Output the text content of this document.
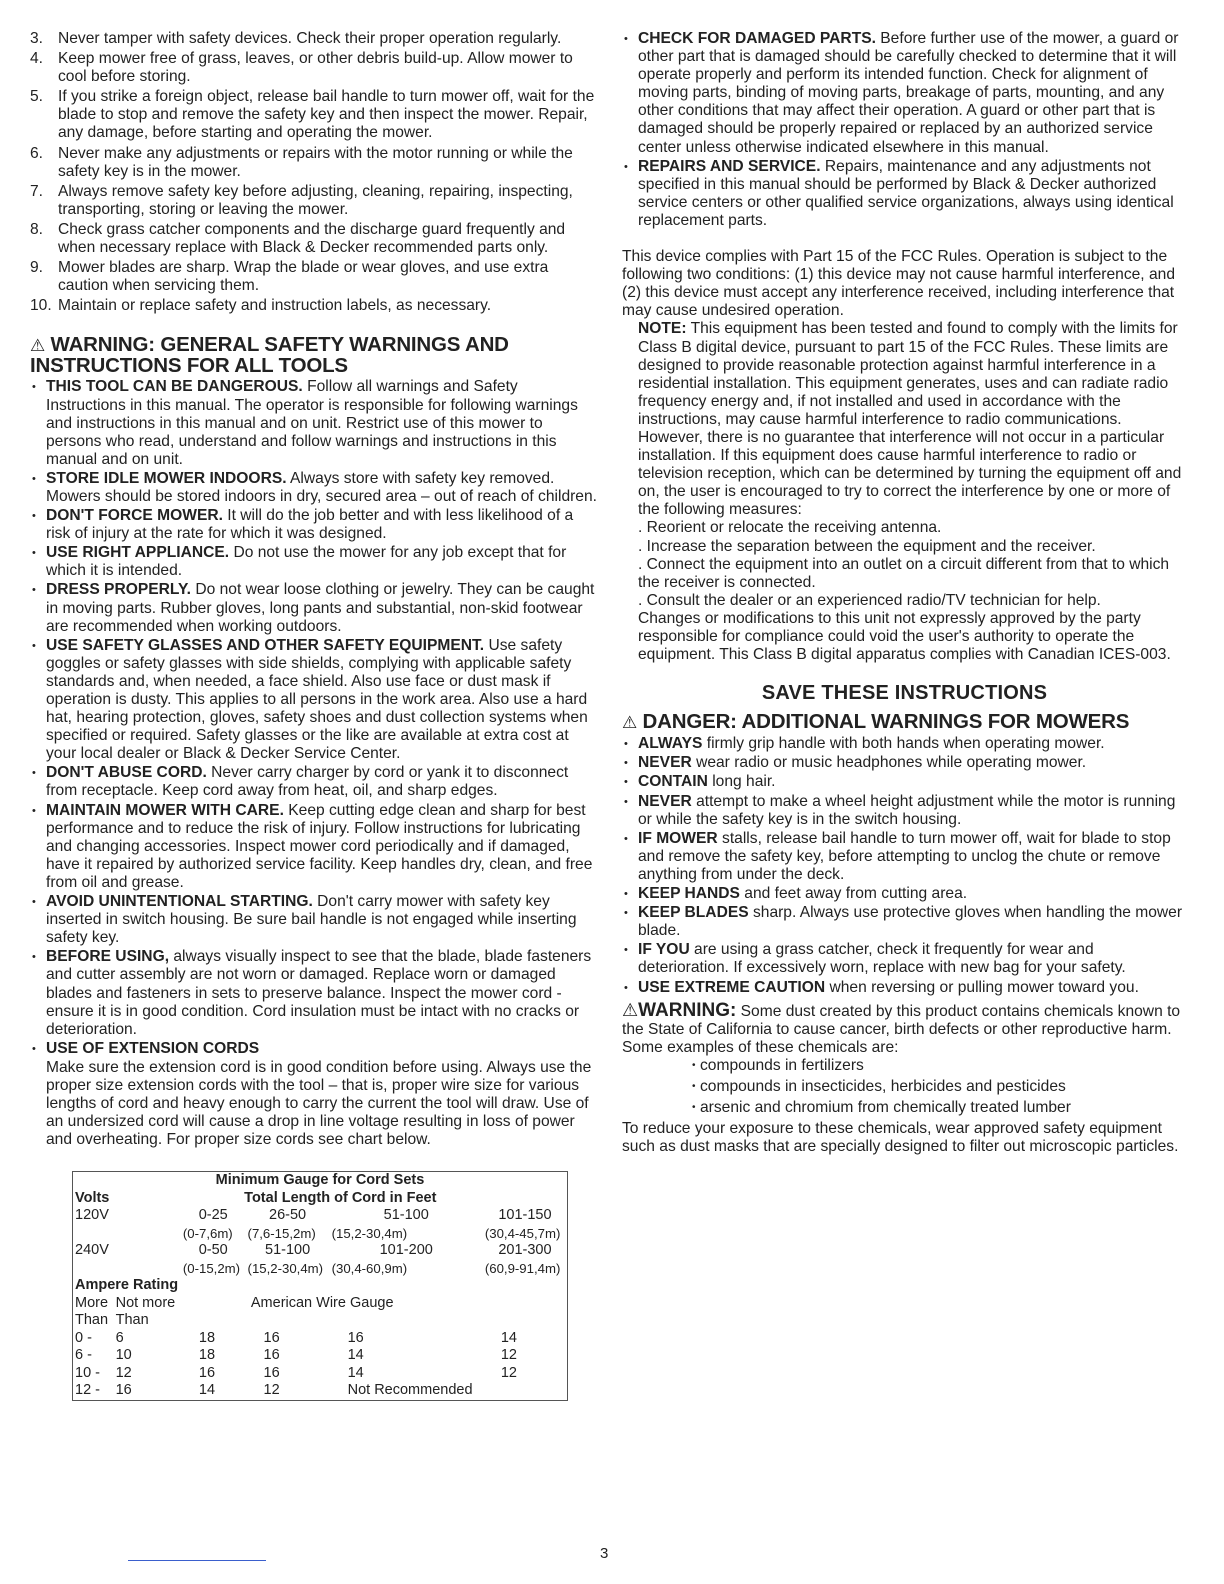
3. Never tamper with safety devices. Check their proper operation regularly.
4. Keep mower free of grass, leaves, or other debris build-up. Allow mower to cool before storing.
5. If you strike a foreign object, release bail handle to turn mower off, wait for the blade to stop and remove the safety key and then inspect the mower. Repair, any damage, before starting and operating the mower.
6. Never make any adjustments or repairs with the motor running or while the safety key is in the mower.
7. Always remove safety key before adjusting, cleaning, repairing, inspecting, transporting, storing or leaving the mower.
8. Check grass catcher components and the discharge guard frequently and when necessary replace with Black & Decker recommended parts only.
9. Mower blades are sharp. Wrap the blade or wear gloves, and use extra caution when servicing them.
10. Maintain or replace safety and instruction labels, as necessary.
⚠ WARNING: GENERAL SAFETY WARNINGS AND INSTRUCTIONS FOR ALL TOOLS
• THIS TOOL CAN BE DANGEROUS. Follow all warnings and Safety Instructions in this manual. The operator is responsible for following warnings and instructions in this manual and on unit. Restrict use of this mower to persons who read, understand and follow warnings and instructions in this manual and on unit.
• STORE IDLE MOWER INDOORS. Always store with safety key removed. Mowers should be stored indoors in dry, secured area – out of reach of children.
• DON'T FORCE MOWER. It will do the job better and with less likelihood of a risk of injury at the rate for which it was designed.
• USE RIGHT APPLIANCE. Do not use the mower for any job except that for which it is intended.
• DRESS PROPERLY. Do not wear loose clothing or jewelry. They can be caught in moving parts. Rubber gloves, long pants and substantial, non-skid footwear are recommended when working outdoors.
• USE SAFETY GLASSES AND OTHER SAFETY EQUIPMENT. Use safety goggles or safety glasses with side shields, complying with applicable safety standards and, when needed, a face shield. Also use face or dust mask if operation is dusty. This applies to all persons in the work area. Also use a hard hat, hearing protection, gloves, safety shoes and dust collection systems when specified or required. Safety glasses or the like are available at extra cost at your local dealer or Black & Decker Service Center.
• DON'T ABUSE CORD. Never carry charger by cord or yank it to disconnect from receptacle. Keep cord away from heat, oil, and sharp edges.
• MAINTAIN MOWER WITH CARE. Keep cutting edge clean and sharp for best performance and to reduce the risk of injury. Follow instructions for lubricating and changing accessories. Inspect mower cord periodically and if damaged, have it repaired by authorized service facility. Keep handles dry, clean, and free from oil and grease.
• AVOID UNINTENTIONAL STARTING. Don't carry mower with safety key inserted in switch housing. Be sure bail handle is not engaged while inserting safety key.
• BEFORE USING, always visually inspect to see that the blade, blade fasteners and cutter assembly are not worn or damaged. Replace worn or damaged blades and fasteners in sets to preserve balance. Inspect the mower cord - ensure it is in good condition. Cord insulation must be intact with no cracks or deterioration.
• USE OF EXTENSION CORDS

Make sure the extension cord is in good condition before using. Always use the proper size extension cords with the tool – that is, proper wire size for various lengths of cord and heavy enough to carry the current the tool will draw. Use of an undersized cord will cause a drop in line voltage resulting in loss of power and overheating. For proper size cords see chart below.

Minimum Gauge for Cord Sets					
Volts	Total Length of Cord in Feet				
120V		0-25	26-50	51-100	101-150
		(0-7,6m)	(7,6-15,2m)	(15,2-30,4m)	(30,4-45,7m)
240V		0-50	51-100	101-200	201-300
		(0-15,2m)	(15,2-30,4m)	(30,4-60,9m)	(60,9-91,4m)
Ampere Rating					
More	Not more	American Wire Gauge			
Than	Than				
0 -	6	18	16	16	14
6 -	10	18	16	14	12
10 -	12	16	16	14	12
12 -	16	14	12	Not Recommended	
• CHECK FOR DAMAGED PARTS. Before further use of the mower, a guard or other part that is damaged should be carefully checked to determine that it will operate properly and perform its intended function. Check for alignment of moving parts, binding of moving parts, breakage of parts, mounting, and any other conditions that may affect their operation. A guard or other part that is damaged should be properly repaired or replaced by an authorized service center unless otherwise indicated elsewhere in this manual.
• REPAIRS AND SERVICE. Repairs, maintenance and any adjustments not specified in this manual should be performed by Black & Decker authorized service centers or other qualified service organizations, always using identical replacement parts.

This device complies with Part 15 of the FCC Rules. Operation is subject to the following two conditions: (1) this device may not cause harmful interference, and (2) this device must accept any interference received, including interference that may cause undesired operation.

NOTE: This equipment has been tested and found to comply with the limits for Class B digital device, pursuant to part 15 of the FCC Rules. These limits are designed to provide reasonable protection against harmful interference in a residential installation. This equipment generates, uses and can radiate radio frequency energy and, if not installed and used in accordance with the instructions, may cause harmful interference to radio communications. However, there is no guarantee that interference will not occur in a particular installation. If this equipment does cause harmful interference to radio or television reception, which can be determined by turning the equipment off and on, the user is encouraged to try to correct the interference by one or more of the following measures:

. Reorient or relocate the receiving antenna.
. Increase the separation between the equipment and the receiver.
. Connect the equipment into an outlet on a circuit different from that to which the receiver is connected.
. Consult the dealer or an experienced radio/TV technician for help.

Changes or modifications to this unit not expressly approved by the party responsible for compliance could void the user's authority to operate the equipment. This Class B digital apparatus complies with Canadian ICES-003.

SAVE THESE INSTRUCTIONS
⚠ DANGER: ADDITIONAL WARNINGS FOR MOWERS
• ALWAYS firmly grip handle with both hands when operating mower.
• NEVER wear radio or music headphones while operating mower.
• CONTAIN long hair.
• NEVER attempt to make a wheel height adjustment while the motor is running or while the safety key is in the switch housing.
• IF MOWER stalls, release bail handle to turn mower off, wait for blade to stop and remove the safety key, before attempting to unclog the chute or remove anything from under the deck.
• KEEP HANDS and feet away from cutting area.
• KEEP BLADES sharp. Always use protective gloves when handling the mower blade.
• IF YOU are using a grass catcher, check it frequently for wear and deterioration. If excessively worn, replace with new bag for your safety.
• USE EXTREME CAUTION when reversing or pulling mower toward you.

⚠WARNING: Some dust created by this product contains chemicals known to the State of California to cause cancer, birth defects or other reproductive harm. Some examples of these chemicals are:

• compounds in fertilizers
• compounds in insecticides, herbicides and pesticides
• arsenic and chromium from chemically treated lumber

To reduce your exposure to these chemicals, wear approved safety equipment such as dust masks that are specially designed to filter out microscopic particles.

3
